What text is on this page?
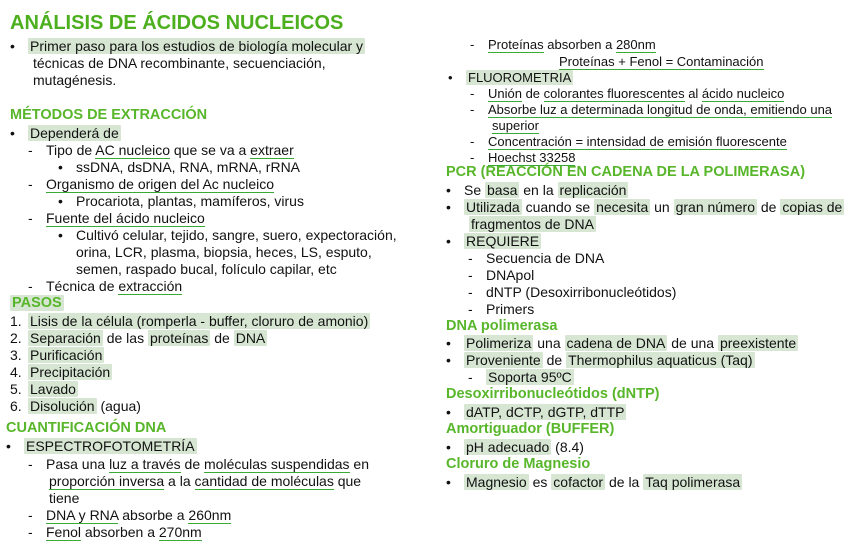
ANÁLISIS DE ÁCIDOS NUCLEICOS
• Primer paso para los estudios de biología molecular y
técnicas de DNA recombinante, secuenciación,
mutagénesis.
MÉTODOS DE EXTRACCIÓN
• Dependerá de
- Tipo de AC nucleico que se va a extraer
• ssDNA, dsDNA, RNA, mRNA, rRNA
- Organismo de origen del Ac nucleico
• Procariota, plantas, mamíferos, virus
- Fuente del ácido nucleico
• Cultivó celular, tejido, sangre, suero, expectoración,
orina, LCR, plasma, biopsia, heces, LS, esputo,
semen, raspado bucal, folículo capilar, etc
- Técnica de extracción
PASOS
1. Lisis de la célula (romperla - buffer, cloruro de amonio)
2. Separación de las proteínas de DNA
3. Purificación
4. Precipitación
5. Lavado
6. Disolución (agua)
CUANTIFICACIÓN DNA
• ESPECTROFOTOMETRÍA
- Pasa una luz a través de moléculas suspendidas en
proporción inversa a la cantidad de moléculas que
tiene
- DNA y RNA absorbe a 260nm
- Fenol absorben a 270nm
- Proteínas absorben a 280nm
Proteínas + Fenol = Contaminación
• FLUOROMETRIA
- Unión de colorantes fluorescentes al ácido nucleico
- Absorbe luz a determinada longitud de onda, emitiendo una
superior
- Concentración = intensidad de emisión fluorescente
- Hoechst 33258
PCR (REACCIÓN EN CADENA DE LA POLIMERASA)
• Se basa en la replicación
• Utilizada cuando se necesita un gran número de copias de
fragmentos de DNA
• REQUIERE
- Secuencia de DNA
- DNApol
- dNTP (Desoxirribonucleótidos)
- Primers
DNA polimerasa
• Polimeriza una cadena de DNA de una preexistente
• Proveniente de Thermophilus aquaticus (Taq)
- Soporta 95ºC
Desoxirribonucleótidos (dNTP)
• dATP, dCTP, dGTP, dTTP
Amortiguador (BUFFER)
• pH adecuado (8.4)
Cloruro de Magnesio
• Magnesio es cofactor de la Taq polimerasa
